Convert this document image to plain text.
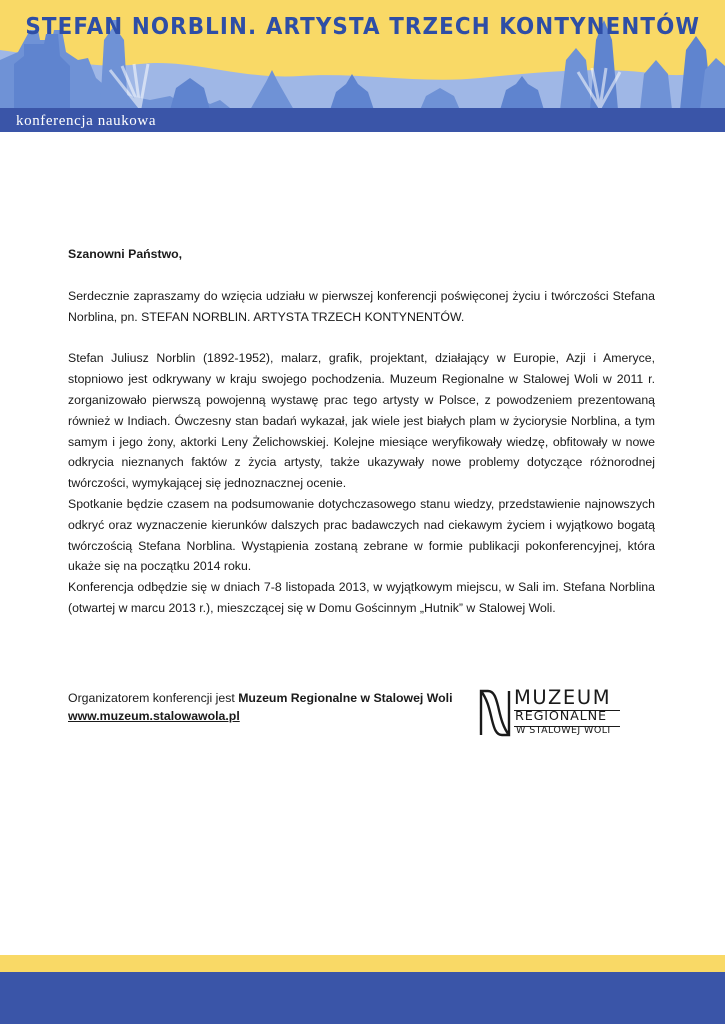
STEFAN NORBLIN. ARTYSTA TRZECH KONTYNENTÓW
konferencja naukowa

Szanowni Państwo,

Serdecznie zapraszamy do wzięcia udziału w pierwszej konferencji poświęconej życiu i twórczości Stefana Norblina, pn. STEFAN NORBLIN. ARTYSTA TRZECH KONTYNENTÓW.

Stefan Juliusz Norblin (1892-1952), malarz, grafik, projektant, działający w Europie, Azji i Ameryce, stopniowo jest odkrywany w kraju swojego pochodzenia. Muzeum Regionalne w Stalowej Woli w 2011 r. zorganizowało pierwszą powojenną wystawę prac tego artysty w Polsce, z powodzeniem prezentowaną również w Indiach. Ówczesny stan badań wykazał, jak wiele jest białych plam w życiorysie Norblina, a tym samym i jego żony, aktorki Leny Żelichowskiej. Kolejne miesiące weryfikowały wiedzę, obfitowały w nowe odkrycia nieznanych faktów z życia artysty, także ukazywały nowe problemy dotyczące różnorodnej twórczości, wymykającej się jednoznacznej ocenie.

Spotkanie będzie czasem na podsumowanie dotychczasowego stanu wiedzy, przedstawienie najnowszych odkryć oraz wyznaczenie kierunków dalszych prac badawczych nad ciekawym życiem i wyjątkowo bogatą twórczością Stefana Norblina. Wystąpienia zostaną zebrane w formie publikacji pokonferencyjnej, która ukaże się na początku 2014 roku.

Konferencja odbędzie się w dniach 7-8 listopada 2013, w wyjątkowym miejscu, w Sali im. Stefana Norblina (otwartej w marcu 2013 r.), mieszczącej się w Domu Gościnnym „Hutnik” w Stalowej Woli.

Organizatorem konferencji jest Muzeum Regionalne w Stalowej Woli
www.muzeum.stalowawola.pl
MUZEUM
REGIONALNE
W STALOWEJ WOLI
